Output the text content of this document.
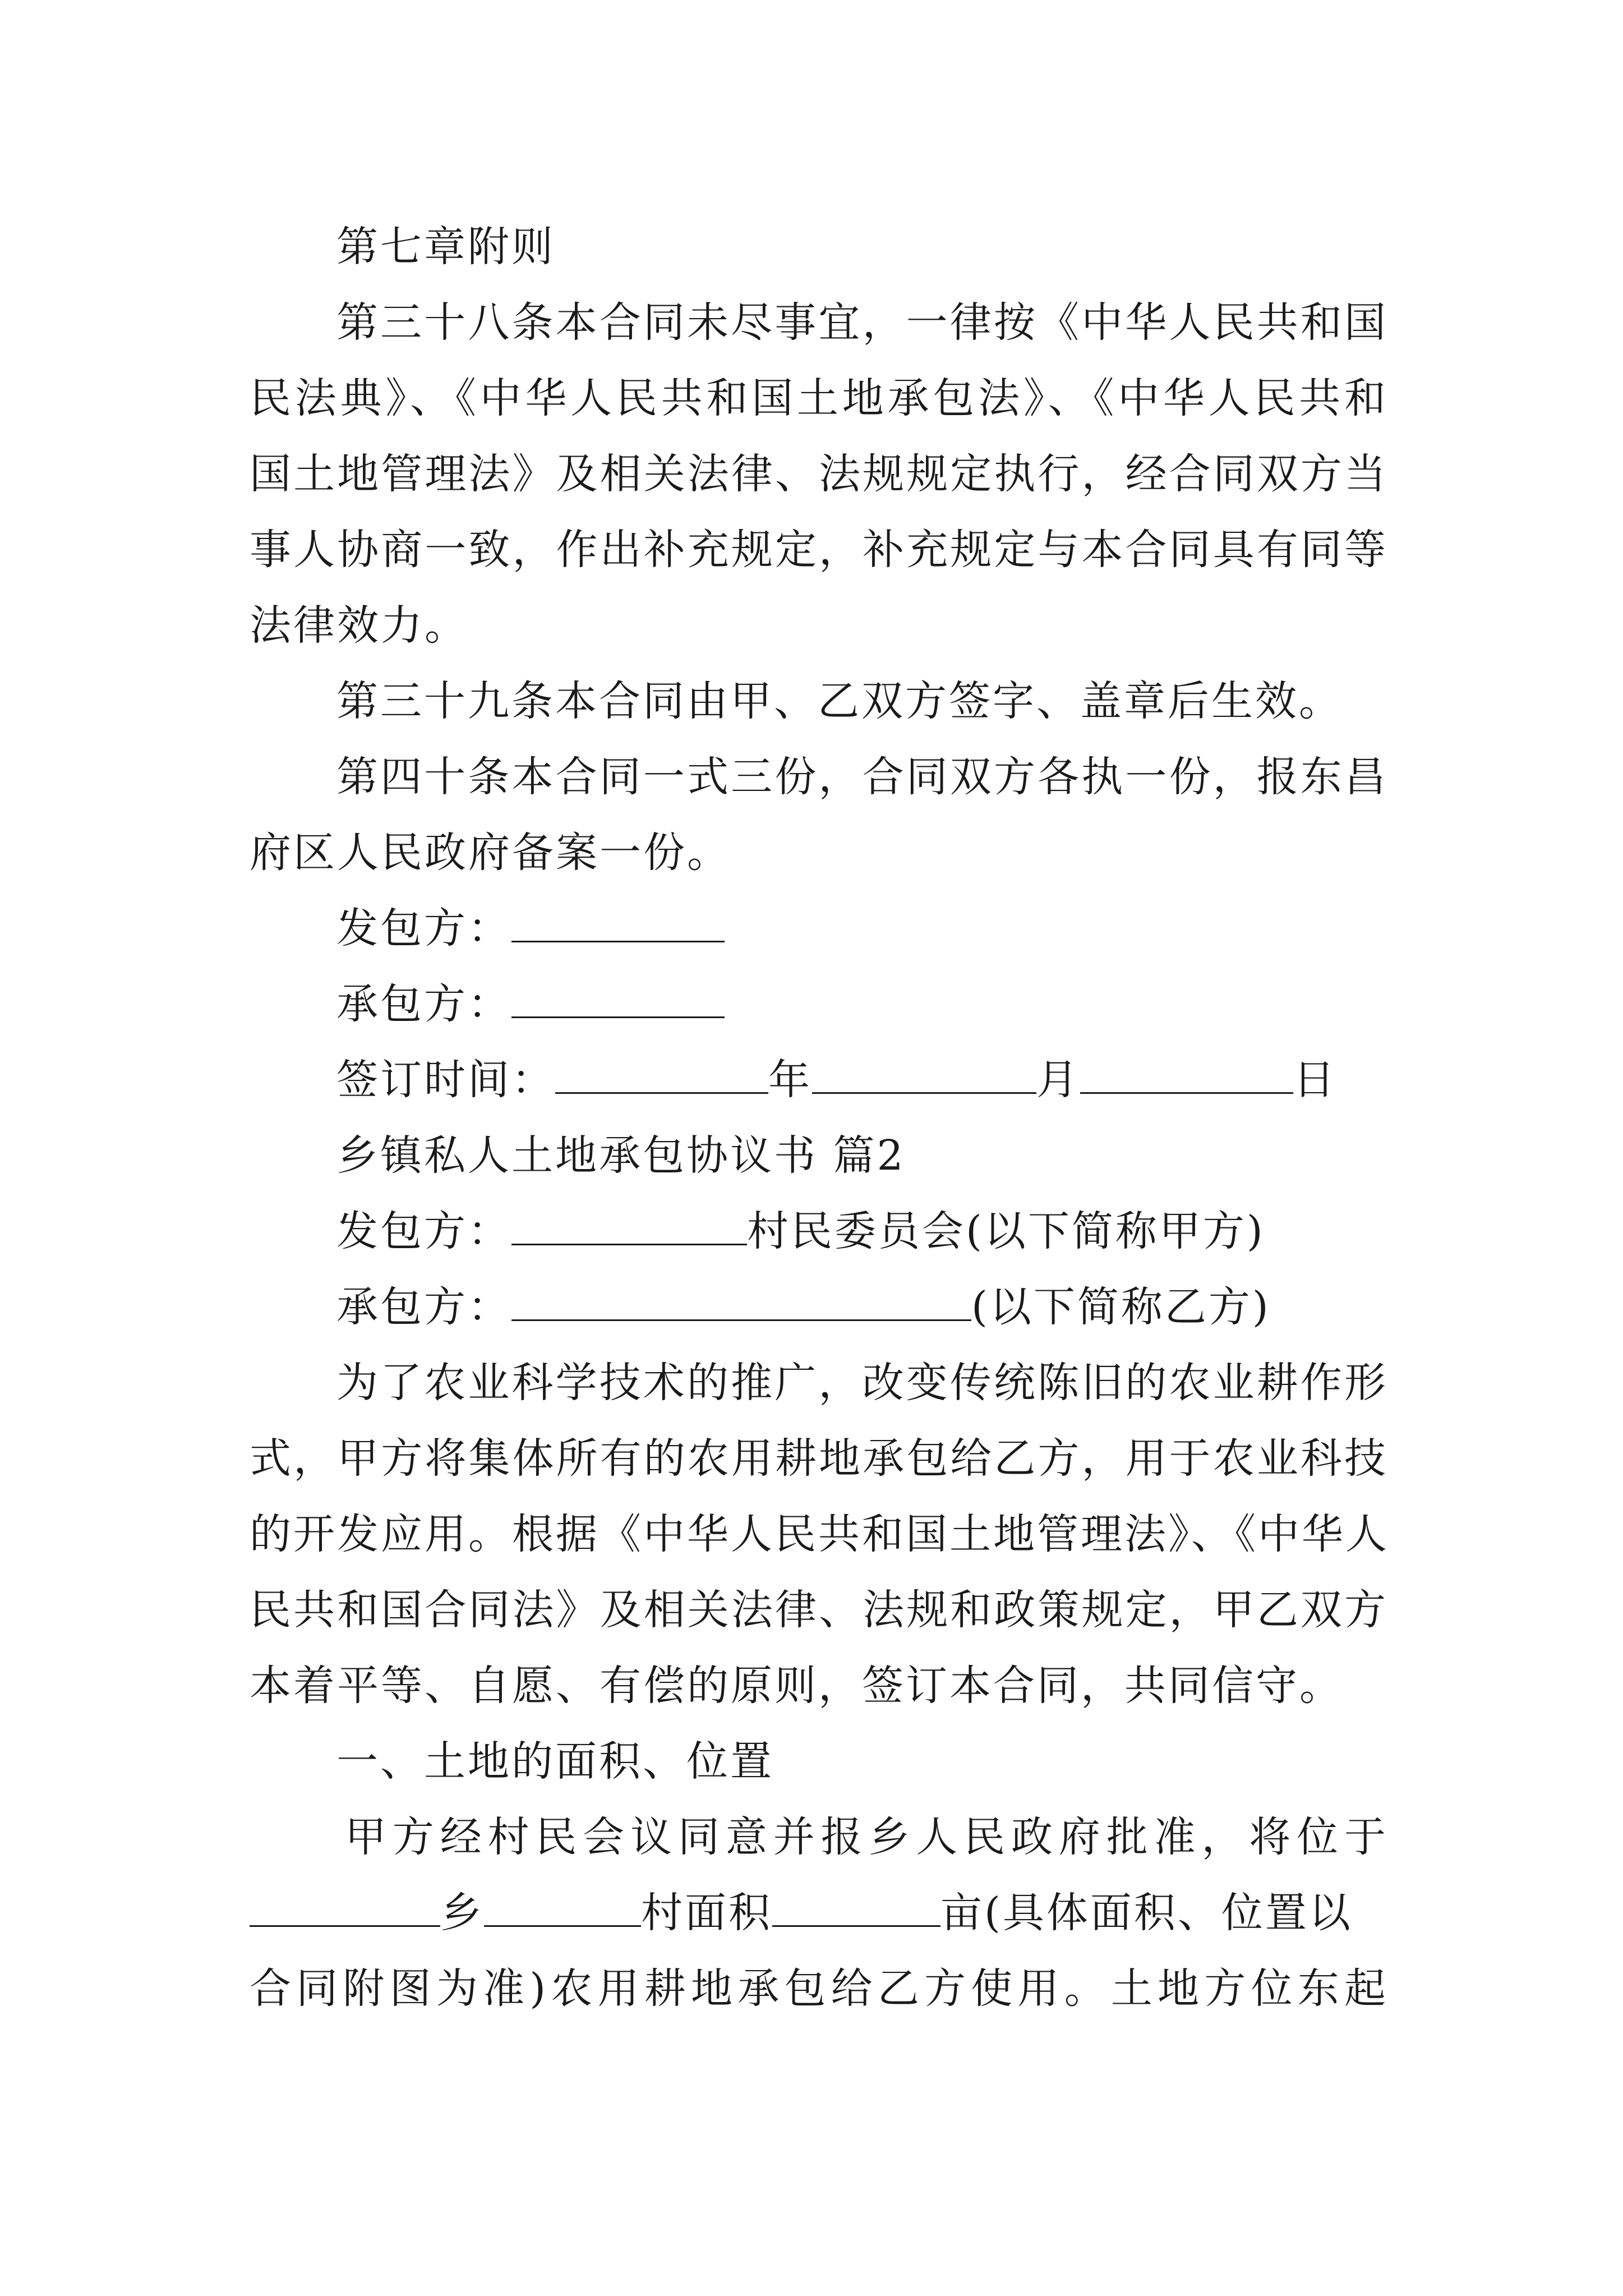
第七章附则
第三十八条本合同未尽事宜，一律按《中华人民共和国
民法典》、《中华人民共和国土地承包法》、《中华人民共和
国土地管理法》及相关法律、法规规定执行，经合同双方当
事人协商一致，作出补充规定，补充规定与本合同具有同等
法律效力。
第三十九条本合同由甲、乙双方签字、盖章后生效。
第四十条本合同一式三份，合同双方各执一份，报东昌
府区人民政府备案一份。
发包方：
承包方：
签订时间：	年	月	日
乡镇私人土地承包协议书 篇2
发包方：	村民委员会(以下简称甲方)
承包方：	(以下简称乙方)
为了农业科学技术的推广，改变传统陈旧的农业耕作形
式，甲方将集体所有的农用耕地承包给乙方，用于农业科技
的开发应用。根据《中华人民共和国土地管理法》、《中华人
民共和国合同法》及相关法律、法规和政策规定，甲乙双方
本着平等、自愿、有偿的原则，签订本合同，共同信守。
一、土地的面积、位置
甲方经村民会议同意并报乡人民政府批准，将位于
乡	村面积	亩(具体面积、位置以
合同附图为准)农用耕地承包给乙方使用。土地方位东起
